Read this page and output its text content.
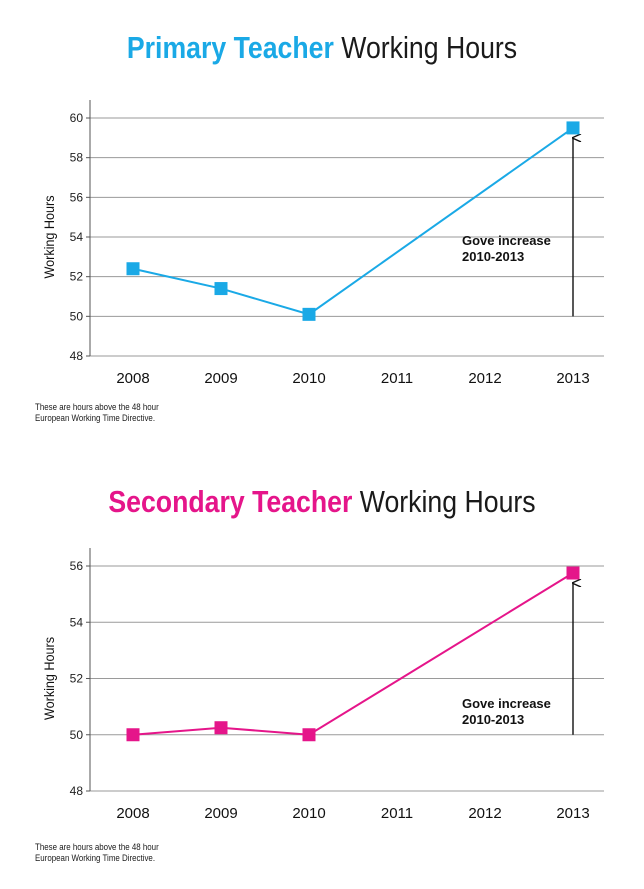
Primary Teacher Working Hours
48
50
52
54
56
58
60
2008	2009	2010	2011	2012	2013
Working Hours	Gove increase 2010-2013
These are hours above the 48 hour
European Working Time Directive.
Secondary Teacher Working Hours
48
50
52
54
56
2008	2009	2010	2011	2012	2013
Working Hours	Gove increase 2010-2013
These are hours above the 48 hour
European Working Time Directive.
